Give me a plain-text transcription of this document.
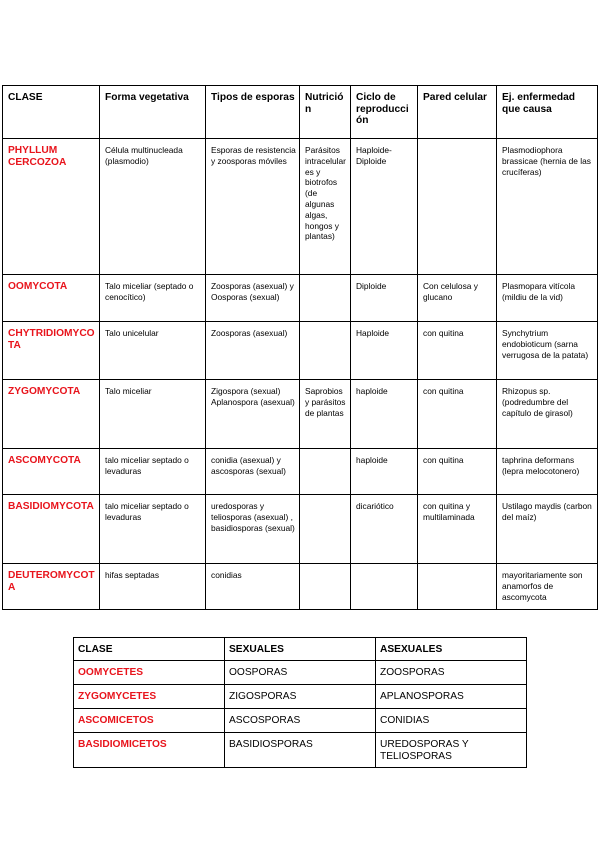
CLASE	Forma vegetativa	Tipos de esporas	Nutrición	Ciclo de reproducción	Pared celular	Ej. enfermedad que causa
PHYLLUM CERCOZOA	Célula multinucleada (plasmodio)	Esporas de resistencia y zoosporas móviles	Parásitos intracelulares y biotrofos (de algunas algas, hongos y plantas)	Haploide-Diploide		Plasmodiophora brassicae (hernia de las crucíferas)
OOMYCOTA	Talo miceliar (septado o cenocítico)	Zoosporas (asexual) y Oosporas (sexual)		Diploide	Con celulosa y glucano	Plasmopara vitícola (mildiu de la vid)
CHYTRIDIOMYCOTA	Talo unicelular	Zoosporas (asexual)		Haploide	con quitina	Synchytrium endobioticum (sarna verrugosa de la patata)
ZYGOMYCOTA	Talo miceliar	Zigospora (sexual) Aplanospora (asexual)	Saprobios y parásitos de plantas	haploide	con quitina	Rhizopus sp. (podredumbre del capítulo de girasol)
ASCOMYCOTA	talo miceliar septado o levaduras	conidia (asexual) y ascosporas (sexual)		haploide	con quitina	taphrina deformans (lepra melocotonero)
BASIDIOMYCOTA	talo miceliar septado o levaduras	uredosporas y teliosporas (asexual) , basidiosporas (sexual)		dicariótico	con quitina y multilaminada	Ustilago maydis (carbon del maíz)
DEUTEROMYCOTA	hifas septadas	conidias				mayoritariamente son anamorfos de ascomycota
CLASE	SEXUALES	ASEXUALES
OOMYCETES	OOSPORAS	ZOOSPORAS
ZYGOMYCETES	ZIGOSPORAS	APLANOSPORAS
ASCOMICETOS	ASCOSPORAS	CONIDIAS
BASIDIOMICETOS	BASIDIOSPORAS	UREDOSPORAS Y TELIOSPORAS
